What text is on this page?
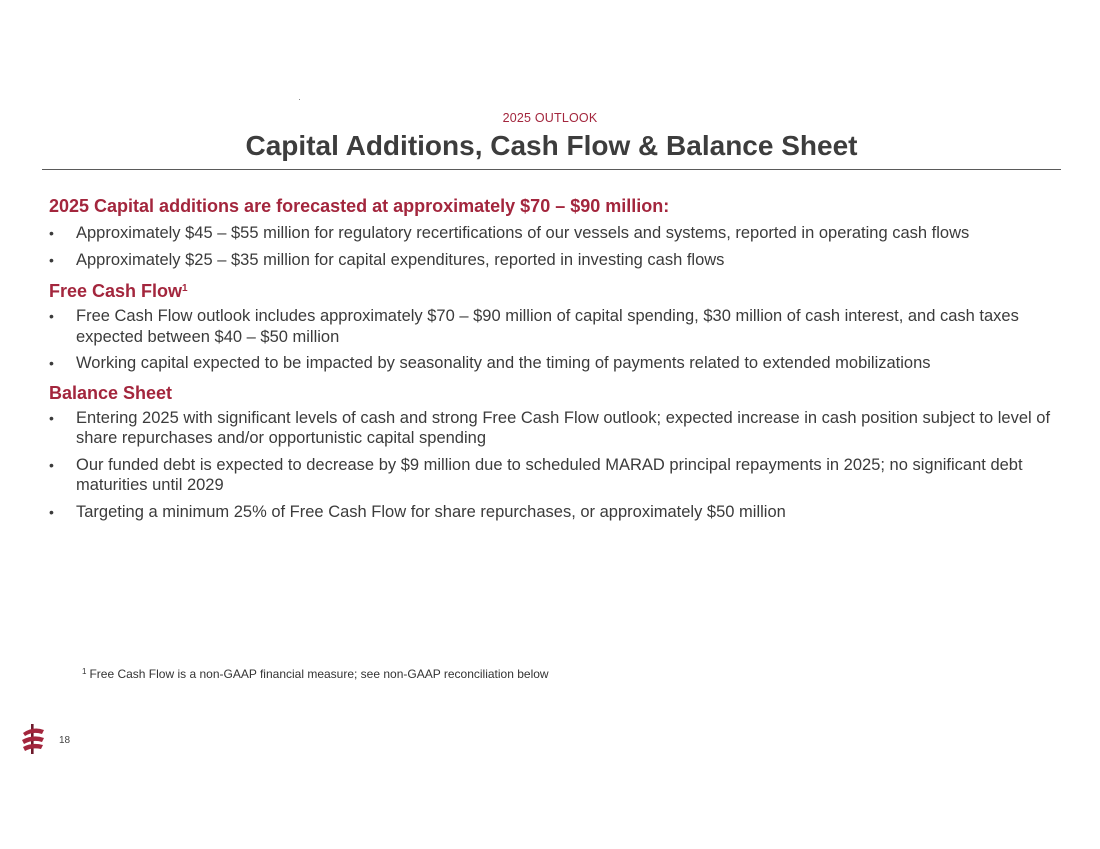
2025 OUTLOOK
Capital Additions, Cash Flow & Balance Sheet

2025 Capital additions are forecasted at approximately $70 – $90 million:

• Approximately $45 – $55 million for regulatory recertifications of our vessels and systems, reported in operating cash flows
• Approximately $25 – $35 million for capital expenditures, reported in investing cash flows

Free Cash Flow$^1$

• Free Cash Flow outlook includes approximately $70 – $90 million of capital spending, $30 million of cash interest, and cash taxes expected between $40 – $50 million
• Working capital expected to be impacted by seasonality and the timing of payments related to extended mobilizations

Balance Sheet

• Entering 2025 with significant levels of cash and strong Free Cash Flow outlook; expected increase in cash position subject to level of share repurchases and/or opportunistic capital spending
• Our funded debt is expected to decrease by $9 million due to scheduled MARAD principal repayments in 2025; no significant debt maturities until 2029
• Targeting a minimum 25% of Free Cash Flow for share repurchases, or approximately $50 million
$^1$ Free Cash Flow is a non-GAAP financial measure; see non-GAAP reconciliation below
18
